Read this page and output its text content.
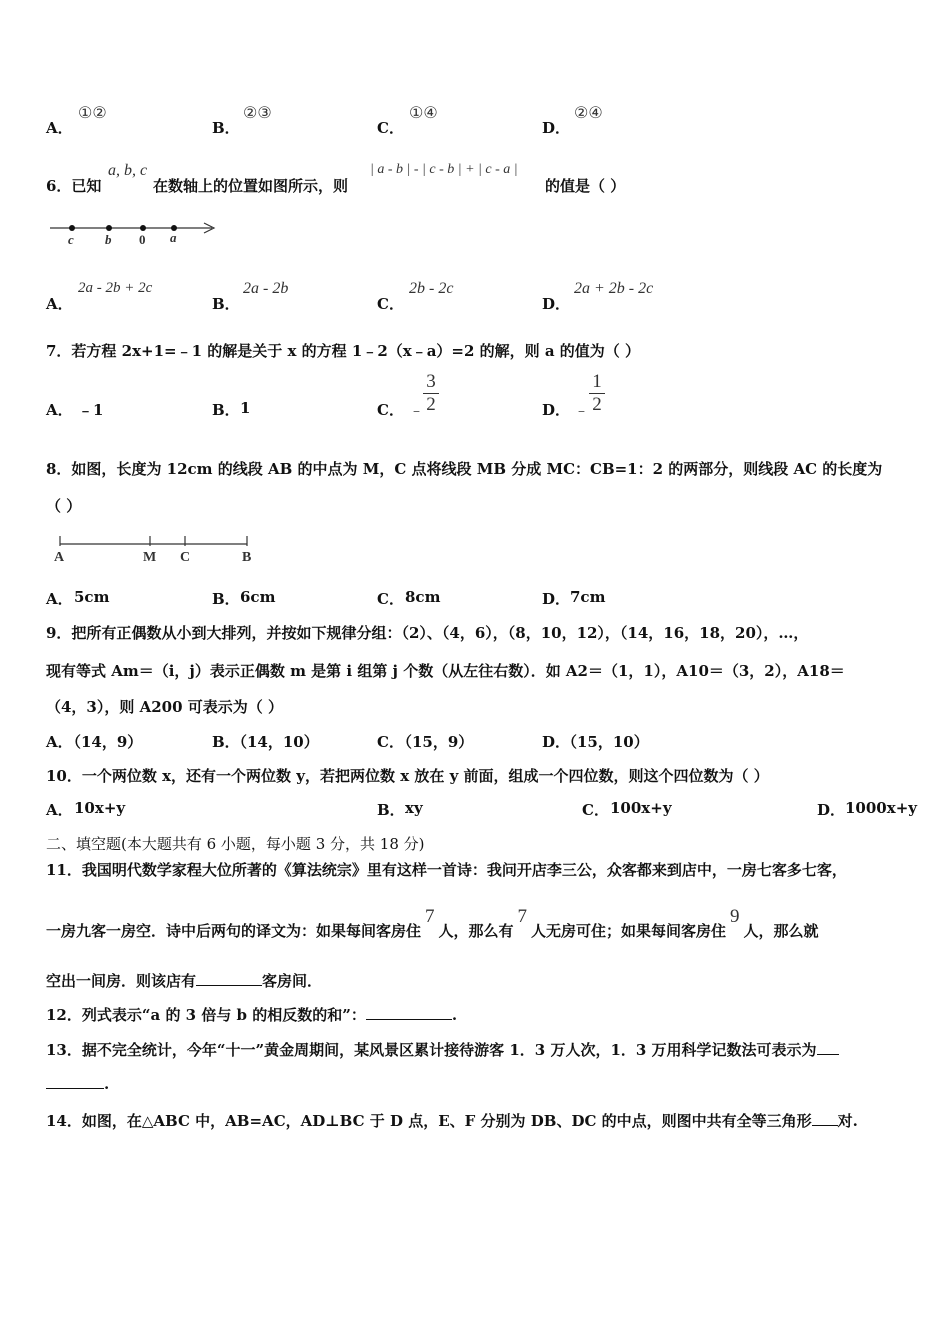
A．
①②
B．
②③
C．
①④
D．
②④
6．已知
a, b, c
在数轴上的位置如图所示，则
| a - b | - | c - b | + | c - a |
的值是（ ）
c b 0 a
A．
2a - 2b + 2c
B．
2a - 2b
C．
2b - 2c
D．
2a + 2b - 2c
7．若方程 2x+1=﹣1 的解是关于 x 的方程 1﹣2（x﹣a）=2 的解，则 a 的值为（ ）
A． ﹣1	B． 1	C． ﹣
3
2	D． ﹣
1
2
8．如图，长度为 12cm 的线段 AB 的中点为 M，C 点将线段 MB 分成 MC：CB=1：2 的两部分，则线段 AC 的长度为
（ ）
A	M C	B
A． 5cm	B． 6cm	C． 8cm	D． 7cm
9．把所有正偶数从小到大排列，并按如下规律分组：（2）、（4，6），（8，10，12），（14，16，18，20），…，
现有等式 Am＝（i，j）表示正偶数 m 是第 i 组第 j 个数（从左往右数）．如 A2＝（1，1），A10＝（3，2），A18＝
（4，3），则 A200 可表示为（ ）
A．
（14，9）	B．
（14，10）	C．
（15，9）	D．
（15，10）
10．一个两位数 x，还有一个两位数 y，若把两位数 x 放在 y 前面，组成一个四位数，则这个四位数为（ ）
A． 10x+y	B． xy	C． 100x+y	D． 1000x+y
二、填空题(本大题共有 6 小题，每小题 3 分，共 18 分)
11．我国明代数学家程大位所著的《算法统宗》里有这样一首诗：我问开店李三公，众客都来到店中，一房七客多七客，
一房九客一房空．诗中后两句的译文为：如果每间客房住7人，那么有7人无房可住；如果每间客房住9人，那么就
空出一间房．则该店有	客房间．
12．列式表示“a 的 3 倍与 b 的相反数的和”：	.
13．据不完全统计，今年“十一”黄金周期间，某风景区累计接待游客 1．3 万人次，1．3 万用科学记数法可表示为
.
14．如图，在△ABC 中，AB=AC，AD⊥BC 于 D 点，E、F 分别为 DB、DC 的中点，则图中共有全等三角形 对.
